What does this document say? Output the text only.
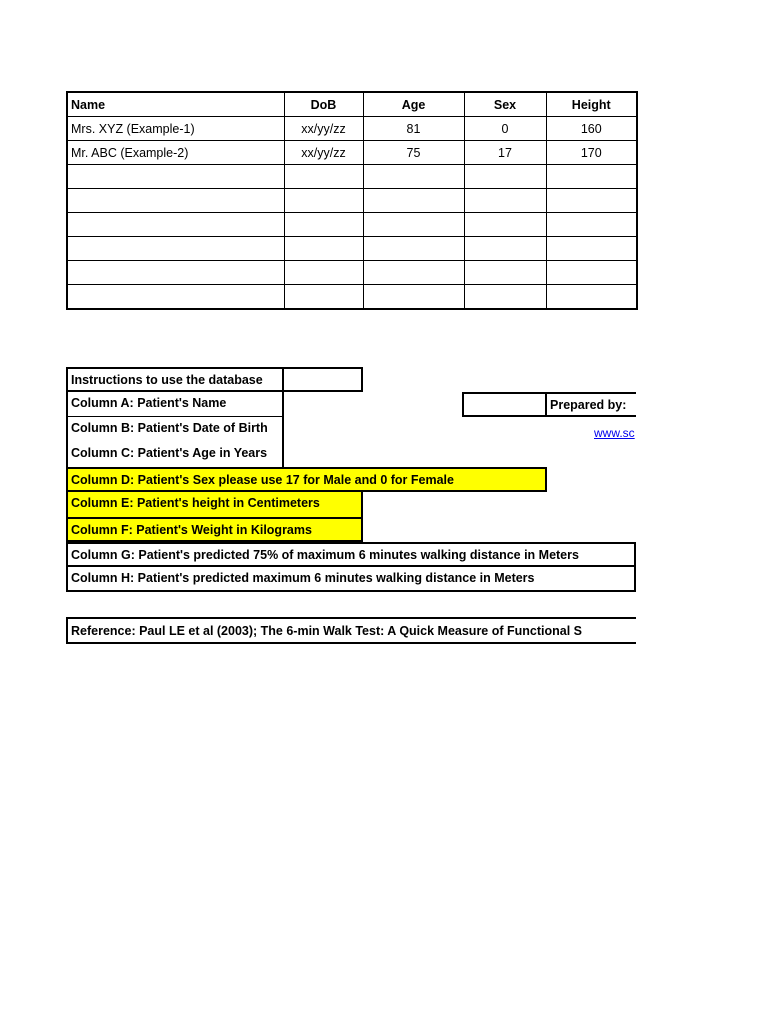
Name	DoB	Age	Sex	Height
Mrs. XYZ (Example-1)	xx/yy/zz	81	0	160
Mr. ABC (Example-2)	xx/yy/zz	75	17	170

Instructions to use the database
Column A: Patient's Name
Column B: Patient's Date of Birth
Column C: Patient's Age in Years
Column D: Patient's Sex please use 17 for Male and 0 for Female
Column E: Patient's height in Centimeters
Column F: Patient's Weight in Kilograms
Column G: Patient's predicted 75% of maximum 6 minutes walking distance in Meters
Column H: Patient's predicted maximum 6 minutes walking distance in Meters
Prepared by:
www.sc
Reference: Paul LE et al (2003); The 6-min Walk Test: A Quick Measure of Functional S
